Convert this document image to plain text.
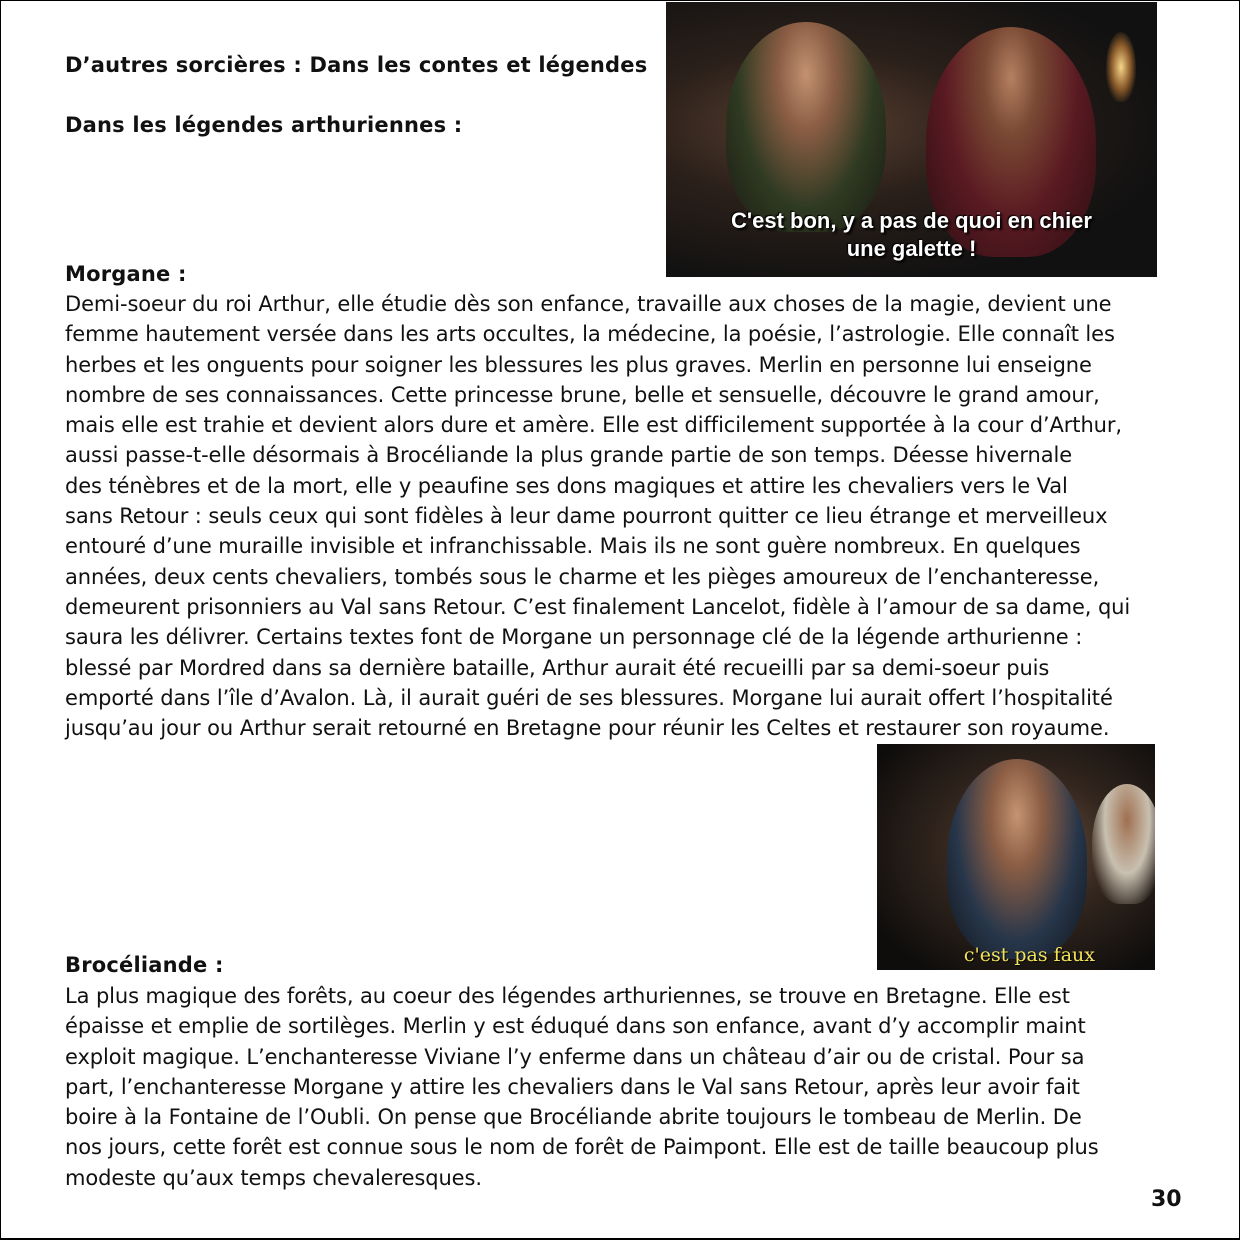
D’autres sorcières : Dans les contes et légendes
Dans les légendes arthuriennes :
C'est bon, y a pas de quoi en chier
une galette !
Morgane :
Demi-soeur du roi Arthur, elle étudie dès son enfance, travaille aux choses de la magie, devient une
femme hautement versée dans les arts occultes, la médecine, la poésie, l’astrologie. Elle connaît les
herbes et les onguents pour soigner les blessures les plus graves. Merlin en personne lui enseigne
nombre de ses connaissances. Cette princesse brune, belle et sensuelle, découvre le grand amour,
mais elle est trahie et devient alors dure et amère. Elle est difficilement supportée à la cour d’Arthur,
aussi passe-t-elle désormais à Brocéliande la plus grande partie de son temps. Déesse hivernale
des ténèbres et de la mort, elle y peaufine ses dons magiques et attire les chevaliers vers le Val
sans Retour : seuls ceux qui sont fidèles à leur dame pourront quitter ce lieu étrange et merveilleux
entouré d’une muraille invisible et infranchissable. Mais ils ne sont guère nombreux. En quelques
années, deux cents chevaliers, tombés sous le charme et les pièges amoureux de l’enchanteresse,
demeurent prisonniers au Val sans Retour. C’est finalement Lancelot, fidèle à l’amour de sa dame, qui
saura les délivrer. Certains textes font de Morgane un personnage clé de la légende arthurienne :
blessé par Mordred dans sa dernière bataille, Arthur aurait été recueilli par sa demi-soeur puis
emporté dans l’île d’Avalon. Là, il aurait guéri de ses blessures. Morgane lui aurait offert l’hospitalité
jusqu’au jour ou Arthur serait retourné en Bretagne pour réunir les Celtes et restaurer son royaume.
c'est pas faux
Brocéliande :
La plus magique des forêts, au coeur des légendes arthuriennes, se trouve en Bretagne. Elle est
épaisse et emplie de sortilèges. Merlin y est éduqué dans son enfance, avant d’y accomplir maint
exploit magique. L’enchanteresse Viviane l’y enferme dans un château d’air ou de cristal. Pour sa
part, l’enchanteresse Morgane y attire les chevaliers dans le Val sans Retour, après leur avoir fait
boire à la Fontaine de l’Oubli. On pense que Brocéliande abrite toujours le tombeau de Merlin. De
nos jours, cette forêt est connue sous le nom de forêt de Paimpont. Elle est de taille beaucoup plus
modeste qu’aux temps chevaleresques.
30
